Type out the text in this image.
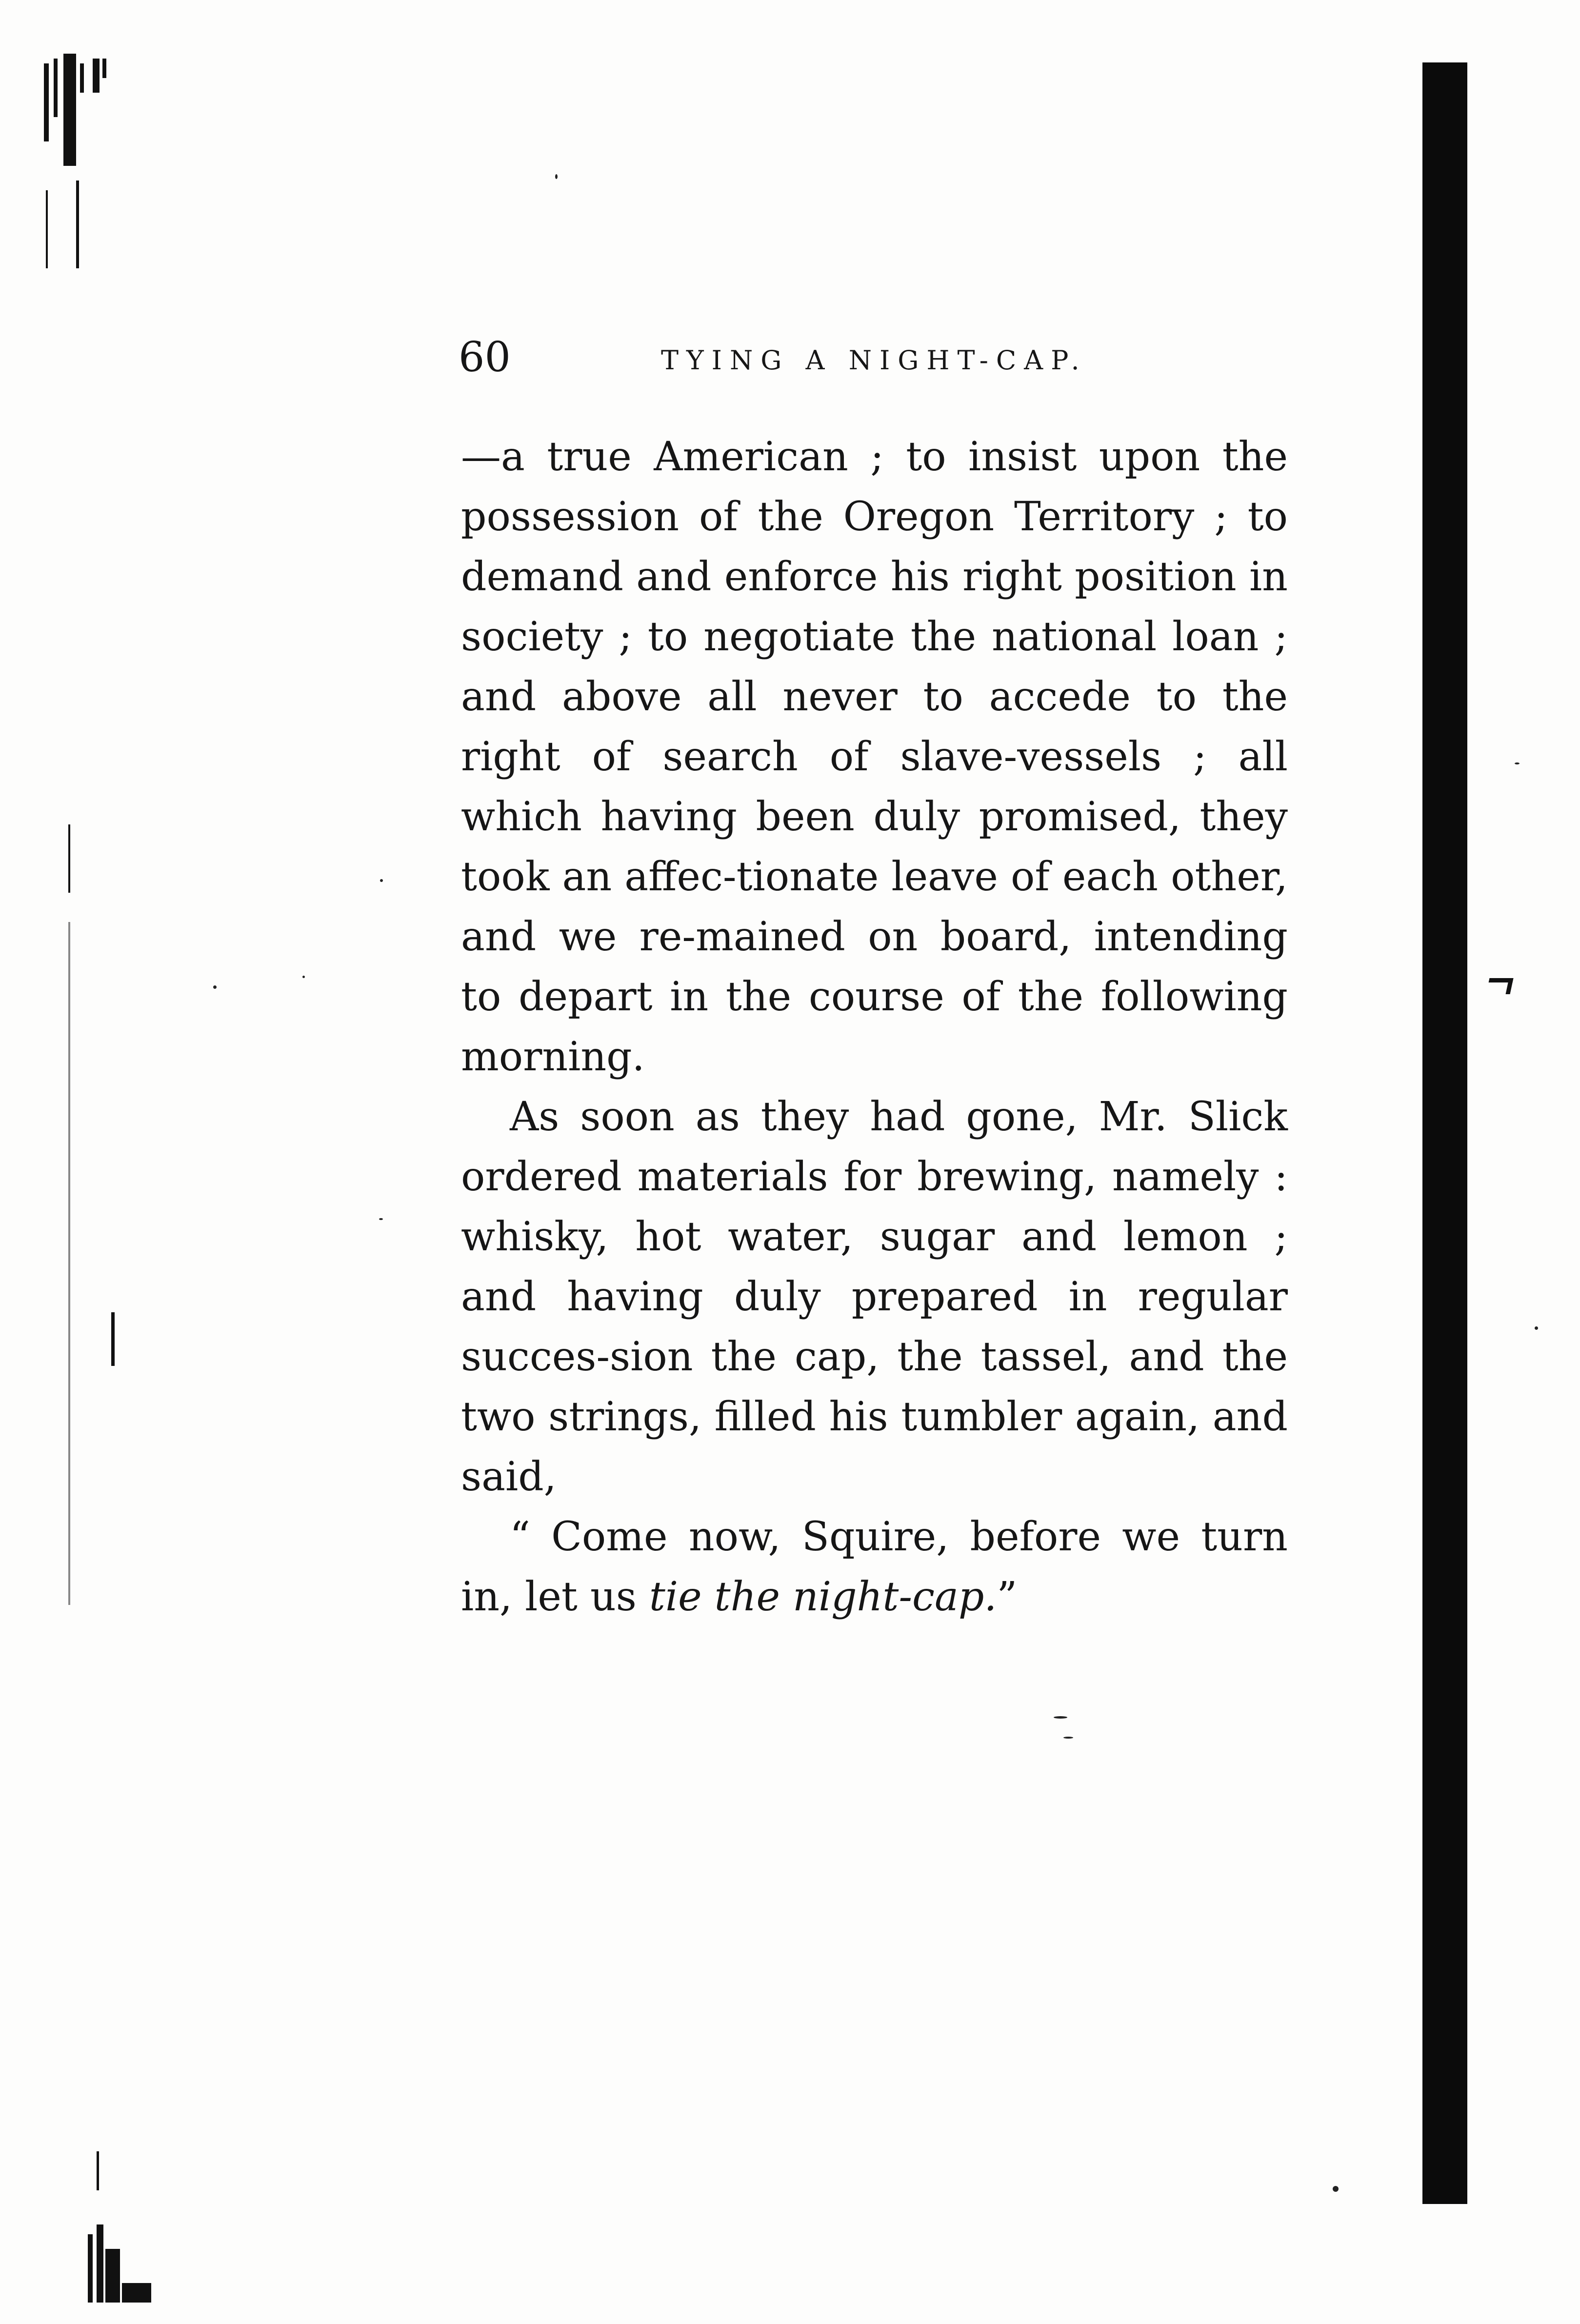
60	TYING A NIGHT-CAP.

—a true American ; to insist upon the possession of the Oregon Territory ; to demand and enforce his right position in society ; to negotiate the national loan ; and above all never to accede to the right of search of slave-vessels ; all which having been duly promised, they took an affec-tionate leave of each other, and we re-mained on board, intending to depart in the course of the following morning.

As soon as they had gone, Mr. Slick ordered materials for brewing, namely : whisky, hot water, sugar and lemon ; and having duly prepared in regular succes-sion the cap, the tassel, and the two strings, filled his tumbler again, and said,

“ Come now, Squire, before we turn in, let us tie the night-cap.”
